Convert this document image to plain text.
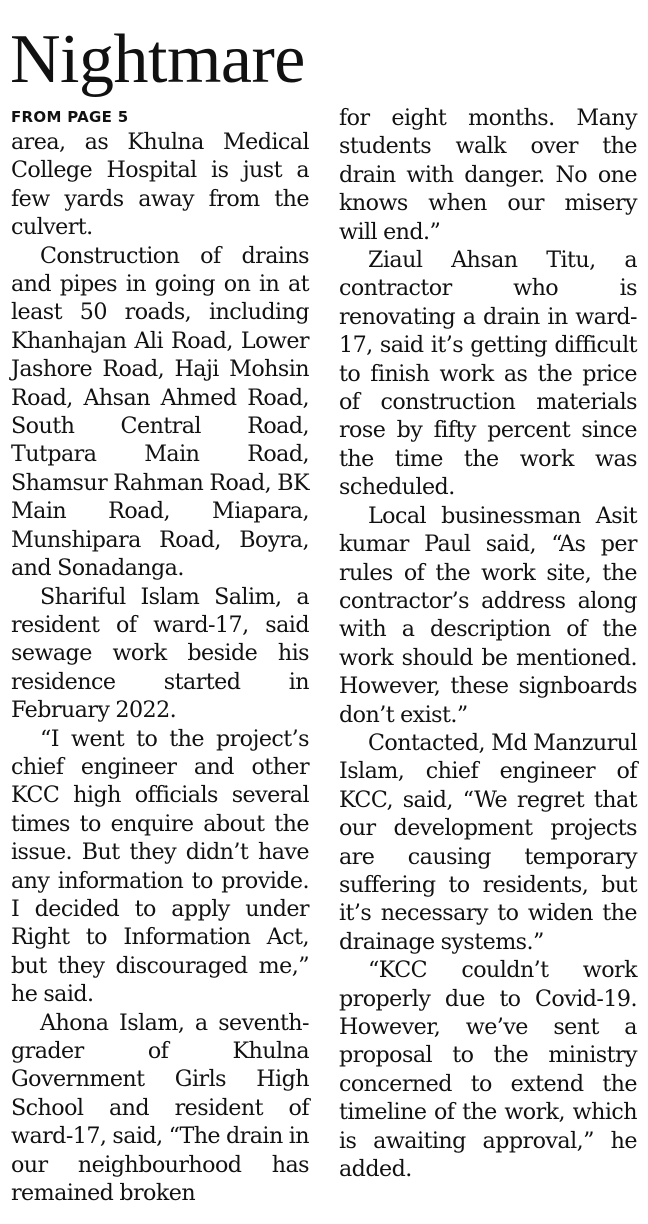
Nightmare
FROM PAGE 5

area, as Khulna Medical College Hospital is just a few yards away from the culvert.

Construction of drains and pipes in going on in at least 50 roads, including Khanhajan Ali Road, Lower Jashore Road, Haji Mohsin Road, Ahsan Ahmed Road, South Central Road, Tutpara Main Road, Shamsur Rahman Road, BK Main Road, Miapara, Munshipara Road, Boyra, and Sonadanga.

Shariful Islam Salim, a resident of ward-17, said sewage work beside his residence started in February 2022.

“I went to the project’s chief engineer and other KCC high officials several times to enquire about the issue. But they didn’t have any information to provide. I decided to apply under Right to Information Act, but they discouraged me,” he said.

Ahona Islam, a seventh-grader of Khulna Government Girls High School and resident of ward-17, said, “The drain in our neighbourhood has remained broken

for eight months. Many students walk over the drain with danger. No one knows when our misery will end.”

Ziaul Ahsan Titu, a contractor who is renovating a drain in ward-17, said it’s getting difficult to finish work as the price of construction materials rose by fifty percent since the time the work was scheduled.

Local businessman Asit kumar Paul said, “As per rules of the work site, the contractor’s address along with a description of the work should be mentioned. However, these signboards don’t exist.”

Contacted, Md Manzurul Islam, chief engineer of KCC, said, “We regret that our development projects are causing temporary suffering to residents, but it’s necessary to widen the drainage systems.”

“KCC couldn’t work properly due to Covid-19. However, we’ve sent a proposal to the ministry concerned to extend the timeline of the work, which is awaiting approval,” he added.
